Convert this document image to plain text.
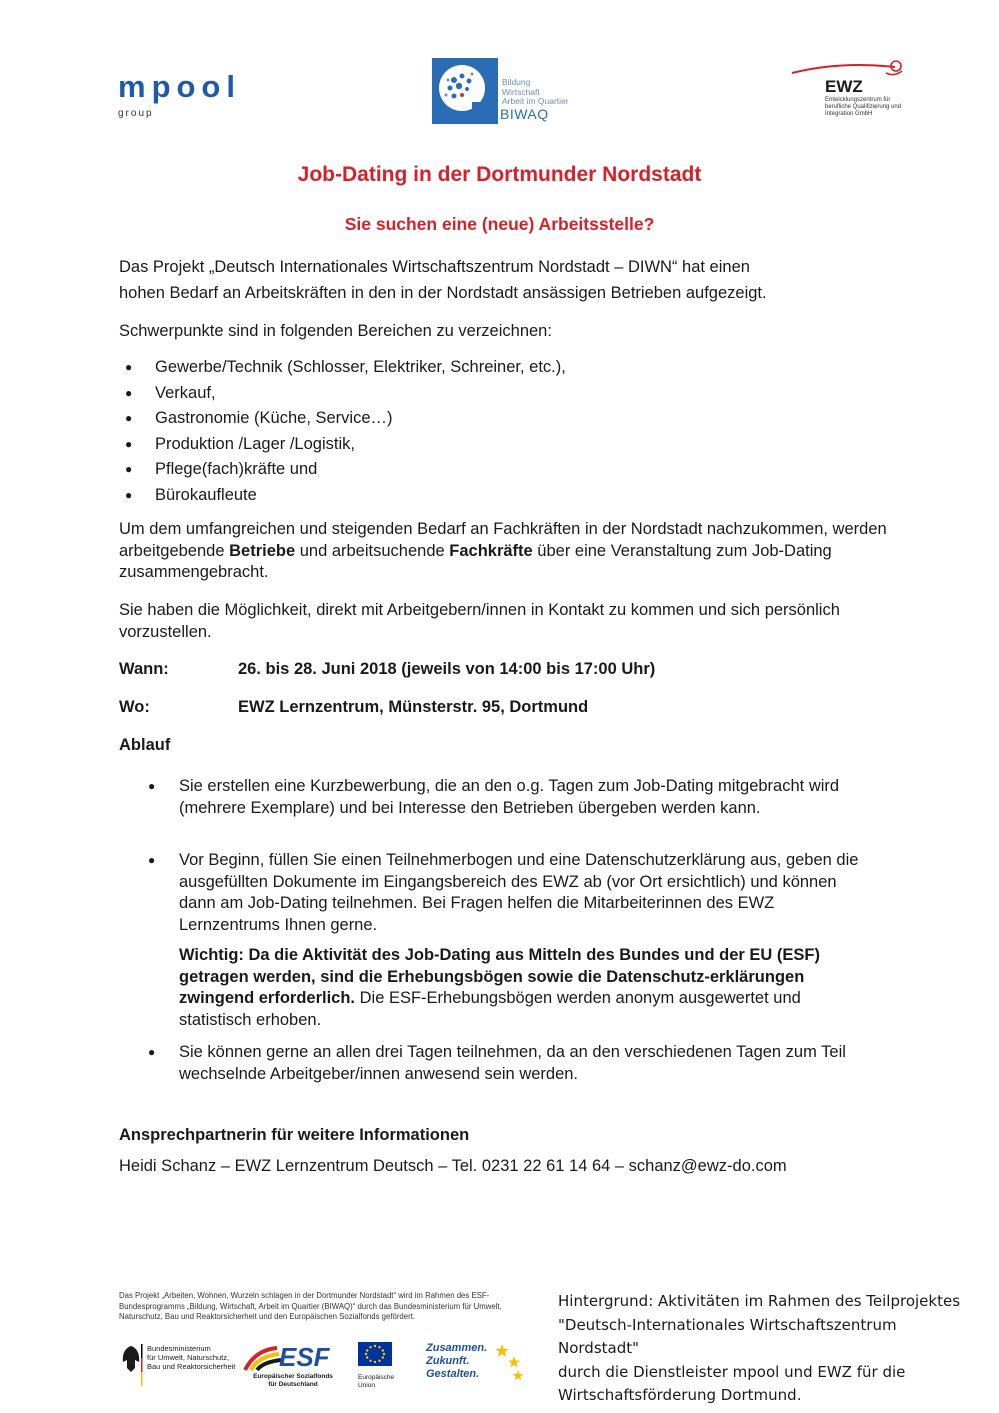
mpool
group
Bildung
Wirtschaft
Arbeit im Quartier
BIWAQ
EWZ
Entwicklungszentrum für berufliche Qualifizierung und Integration GmbH
Job-Dating in der Dortmunder Nordstadt
Sie suchen eine (neue) Arbeitsstelle?
Das Projekt „Deutsch Internationales Wirtschaftszentrum Nordstadt – DIWN“ hat einen
hohen Bedarf an Arbeitskräften in den in der Nordstadt ansässigen Betrieben aufgezeigt.
Schwerpunkte sind in folgenden Bereichen zu verzeichnen:
● Gewerbe/Technik (Schlosser, Elektriker, Schreiner, etc.),
● Verkauf,
● Gastronomie (Küche, Service…)
● Produktion /Lager /Logistik,
● Pflege(fach)kräfte und
● Bürokaufleute
Um dem umfangreichen und steigenden Bedarf an Fachkräften in der Nordstadt nachzukommen, werden arbeitgebende Betriebe und arbeitsuchende Fachkräfte über eine Veranstaltung zum Job-Dating zusammengebracht.
Sie haben die Möglichkeit, direkt mit Arbeitgebern/innen in Kontakt zu kommen und sich persönlich vorzustellen.
Wann:	26. bis 28. Juni 2018 (jeweils von 14:00 bis 17:00 Uhr)
Wo:	EWZ Lernzentrum, Münsterstr. 95, Dortmund
Ablauf
● Sie erstellen eine Kurzbewerbung, die an den o.g. Tagen zum Job-Dating mitgebracht wird (mehrere Exemplare) und bei Interesse den Betrieben übergeben werden kann.
● Vor Beginn, füllen Sie einen Teilnehmerbogen und eine Datenschutzerklärung aus, geben die ausgefüllten Dokumente im Eingangsbereich des EWZ ab (vor Ort ersichtlich) und können dann am Job-Dating teilnehmen. Bei Fragen helfen die Mitarbeiterinnen des EWZ Lernzentrums Ihnen gerne.
Wichtig: Da die Aktivität des Job-Dating aus Mitteln des Bundes und der EU (ESF) getragen werden, sind die Erhebungsbögen sowie die Datenschutz-erklärungen zwingend erforderlich. Die ESF-Erhebungsbögen werden anonym ausgewertet und statistisch erhoben.
● Sie können gerne an allen drei Tagen teilnehmen, da an den verschiedenen Tagen zum Teil wechselnde Arbeitgeber/innen anwesend sein werden.
Ansprechpartnerin für weitere Informationen
Heidi Schanz – EWZ Lernzentrum Deutsch – Tel. 0231 22 61 14 64 – schanz@ewz-do.com
Das Projekt „Arbeiten, Wohnen, Wurzeln schlagen in der Dortmunder Nordstadt“ wird im Rahmen des ESF-Bundesprogramms „Bildung, Wirtschaft, Arbeit im Quartier (BIWAQ)“ durch das Bundesministerium für Umwelt, Naturschutz, Bau und Reaktorsicherheit und den Europäischen Sozialfonds gefördert.
Bundesministerium
für Umwelt, Naturschutz,
Bau und Reaktorsicherheit ESF
Europäischer Sozialfonds
für Deutschland
Europäische
Union
Zusammen.
Zukunft.
Gestalten.
Hintergrund: Aktivitäten im Rahmen des Teilprojektes
"Deutsch-Internationales Wirtschaftszentrum Nordstadt"
durch die Dienstleister mpool und EWZ für die
Wirtschaftsförderung Dortmund.
